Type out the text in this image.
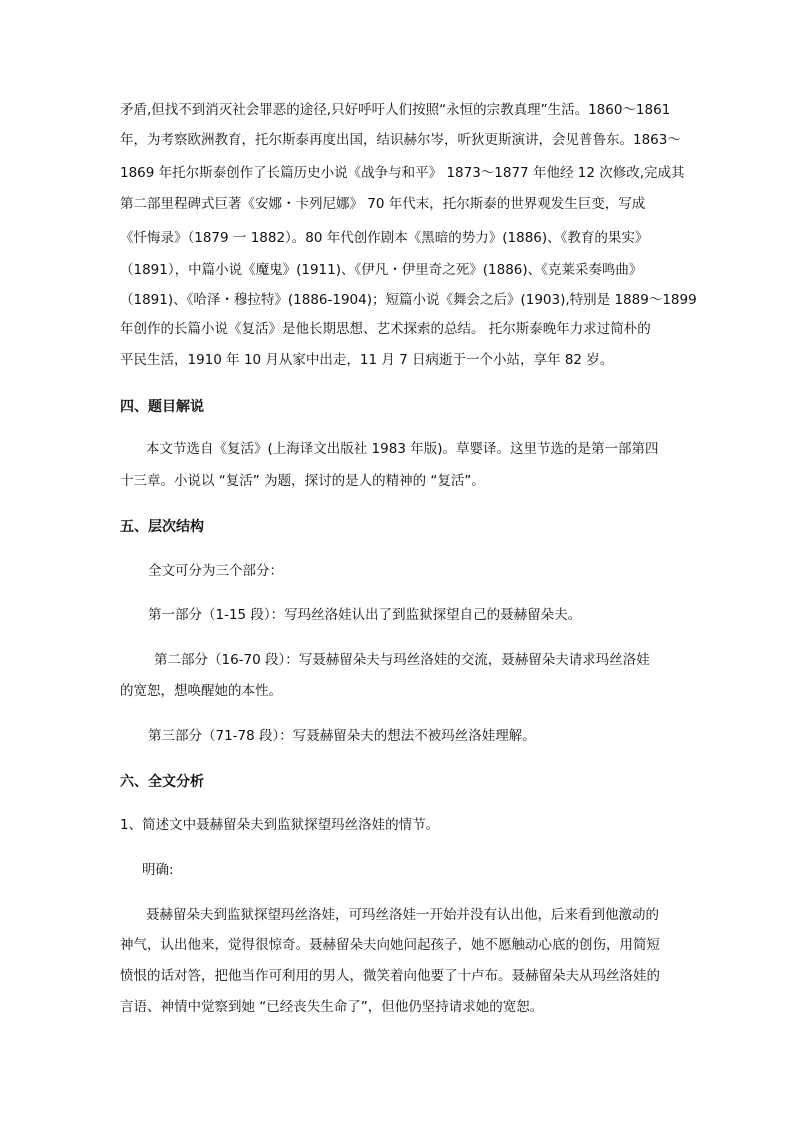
矛盾,但找不到消灭社会罪恶的途径,只好呼吁人们按照“永恒的宗教真理”生活。1860～1861
年，为考察欧洲教育，托尔斯泰再度出国，结识赫尔岑，听狄更斯演讲，会见普鲁东。1863～
1869 年托尔斯泰创作了长篇历史小说《战争与和平》 1873～1877 年他经 12 次修改,完成其
第二部里程碑式巨著《安娜・卡列尼娜》 70 年代末，托尔斯泰的世界观发生巨变，写成
《忏悔录》（1879 一 1882）。80 年代创作剧本《黑暗的势力》(1886)、《教育的果实》
（1891），中篇小说《魔鬼》(1911)、《伊凡・伊里奇之死》(1886)、《克莱采奏鸣曲》
（1891)、《哈泽・穆拉特》(1886-1904)；短篇小说《舞会之后》(1903),特别是 1889～1899
年创作的长篇小说《复活》是他长期思想、艺术探索的总结。 托尔斯泰晚年力求过简朴的
平民生活，1910 年 10 月从家中出走，11 月 7 日病逝于一个小站，享年 82 岁。
四、题目解说
本文节选自《复活》(上海译文出版社 1983 年版)。草婴译。这里节选的是第一部第四
十三章。小说以 “复活” 为题，探讨的是人的精神的 “复活”。
五、层次结构
全文可分为三个部分：
第一部分（1-15 段）：写玛丝洛娃认出了到监狱探望自己的聂赫留朵夫。
第二部分（16-70 段）：写聂赫留朵夫与玛丝洛娃的交流，聂赫留朵夫请求玛丝洛娃
的宽恕，想唤醒她的本性。
第三部分（71-78 段）：写聂赫留朵夫的想法不被玛丝洛娃理解。
六、全文分析
1、简述文中聂赫留朵夫到监狱探望玛丝洛娃的情节。
明确:
聂赫留朵夫到监狱探望玛丝洛娃，可玛丝洛娃一开始并没有认出他，后来看到他激动的
神气，认出他来，觉得很惊奇。聂赫留朵夫向她问起孩子，她不愿触动心底的创伤，用简短
愤恨的话对答，把他当作可利用的男人，微笑着向他要了十卢布。聂赫留朵夫从玛丝洛娃的
言语、神情中觉察到她 “已经丧失生命了”，但他仍坚持请求她的宽恕。
